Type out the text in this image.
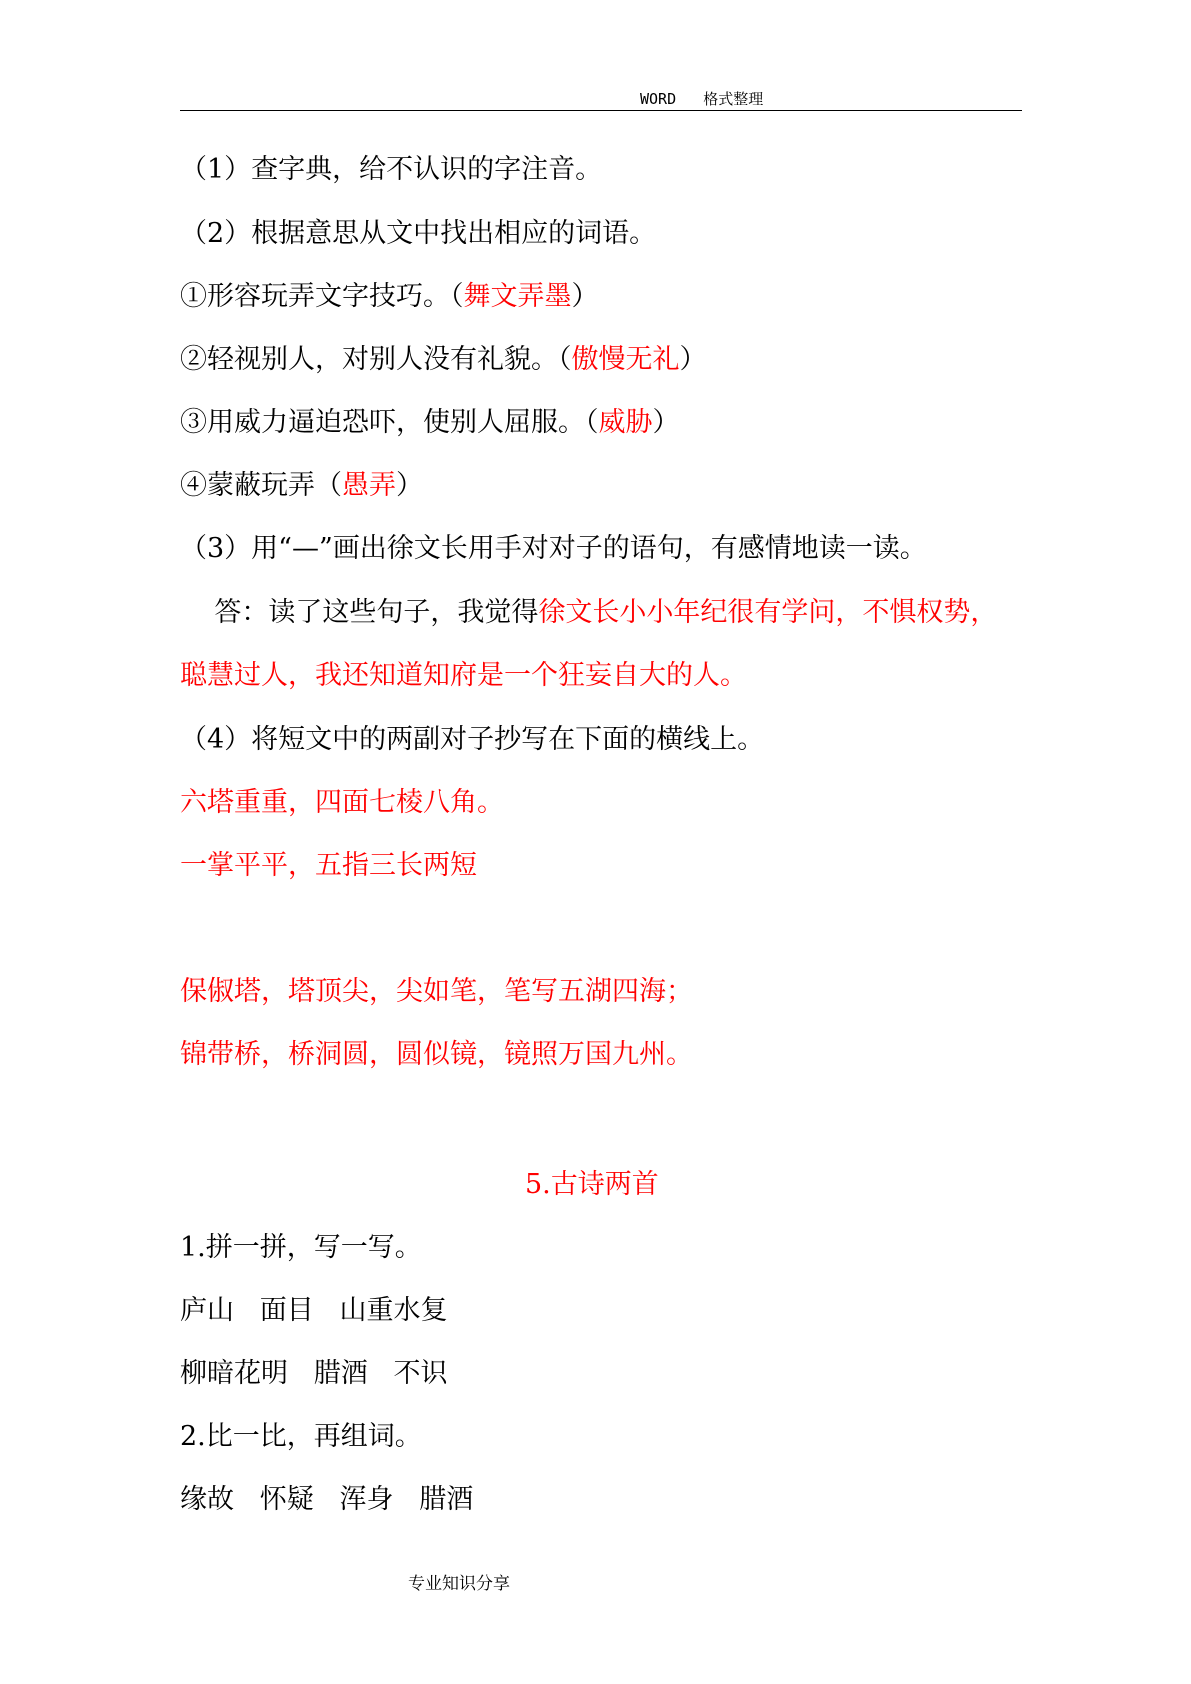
WORD   格式整理
（1）查字典，给不认识的字注音。
（2）根据意思从文中找出相应的词语。
①形容玩弄文字技巧。（舞文弄墨）
②轻视别人，对别人没有礼貌。（傲慢无礼）
③用威力逼迫恐吓，使别人屈服。（威胁）
④蒙蔽玩弄（愚弄）
（3）用“—”画出徐文长用手对对子的语句，有感情地读一读。
答：读了这些句子，我觉得徐文长小小年纪很有学问，不惧权势，
聪慧过人，我还知道知府是一个狂妄自大的人。
（4）将短文中的两副对子抄写在下面的横线上。
六塔重重，四面七棱八角。
一掌平平，五指三长两短
保俶塔，塔顶尖，尖如笔，笔写五湖四海；
锦带桥，桥洞圆，圆似镜，镜照万国九州。
5.古诗两首
1.拼一拼，写一写。
庐山   面目   山重水复
柳暗花明   腊酒   不识
2.比一比，再组词。
缘故   怀疑   浑身   腊酒
专业知识分享
